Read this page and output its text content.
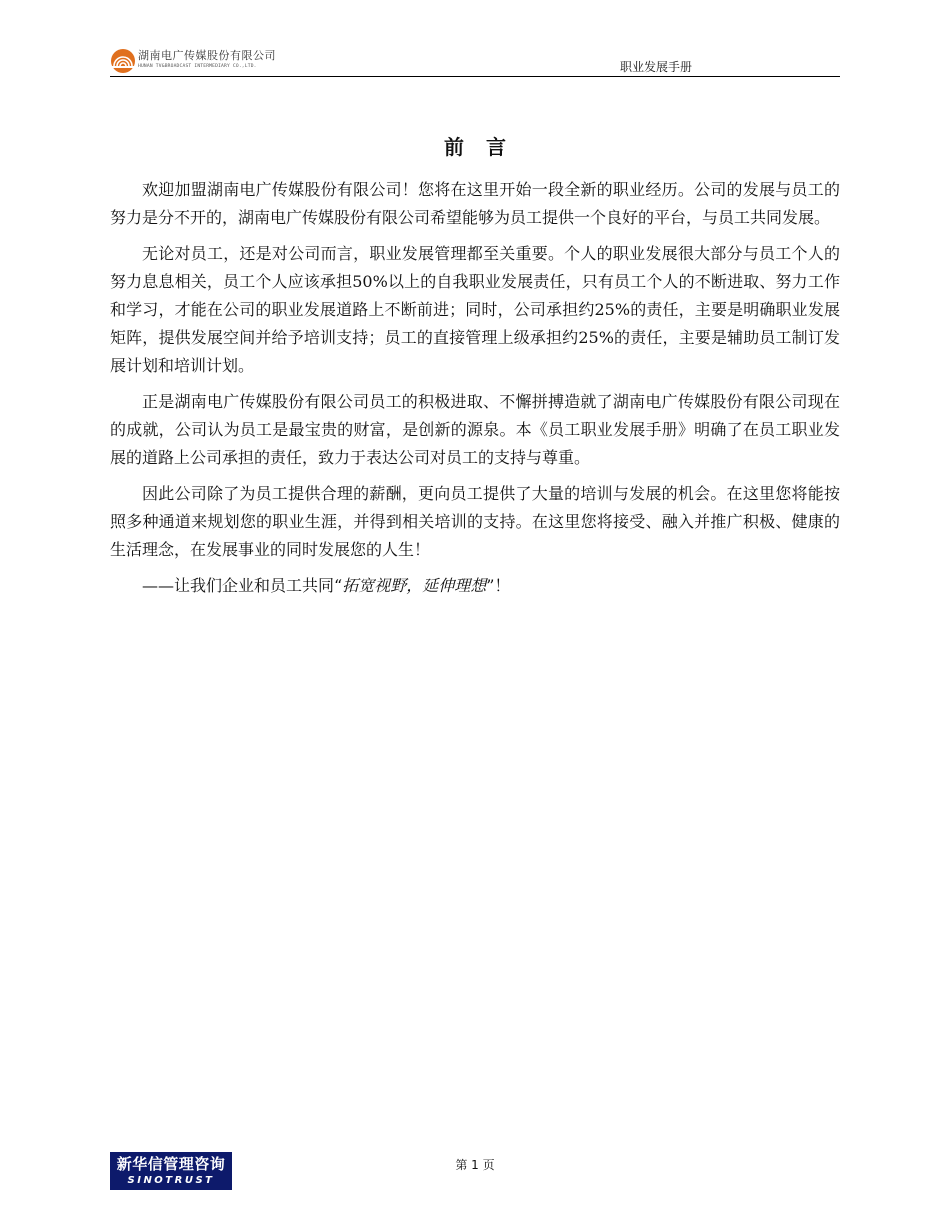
湖南电广传媒股份有限公司
HUNAN TV&BROADCAST INTERMEDIARY CO.,LTD.	职业发展手册
前言

欢迎加盟湖南电广传媒股份有限公司！您将在这里开始一段全新的职业经历。公司的发展与员工的努力是分不开的，湖南电广传媒股份有限公司希望能够为员工提供一个良好的平台，与员工共同发展。

无论对员工，还是对公司而言，职业发展管理都至关重要。个人的职业发展很大部分与员工个人的努力息息相关，员工个人应该承担50%以上的自我职业发展责任，只有员工个人的不断进取、努力工作和学习，才能在公司的职业发展道路上不断前进；同时，公司承担约25%的责任，主要是明确职业发展矩阵，提供发展空间并给予培训支持；员工的直接管理上级承担约25%的责任，主要是辅助员工制订发展计划和培训计划。

正是湖南电广传媒股份有限公司员工的积极进取、不懈拼搏造就了湖南电广传媒股份有限公司现在的成就，公司认为员工是最宝贵的财富，是创新的源泉。本《员工职业发展手册》明确了在员工职业发展的道路上公司承担的责任，致力于表达公司对员工的支持与尊重。

因此公司除了为员工提供合理的薪酬，更向员工提供了大量的培训与发展的机会。在这里您将能按照多种通道来规划您的职业生涯，并得到相关培训的支持。在这里您将接受、融入并推广积极、健康的生活理念，在发展事业的同时发展您的人生！

——让我们企业和员工共同“拓宽视野，延伸理想”！

新华信管理咨询
SINOTRUST
第 1 页
